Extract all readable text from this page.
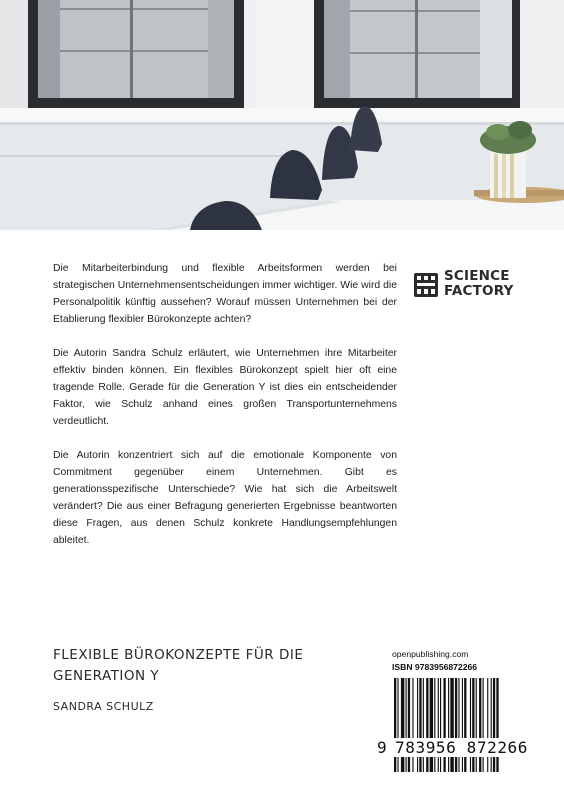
Die Mitarbeiterbindung und flexible Arbeitsformen werden bei strategischen Unternehmensentscheidungen immer wichtiger. Wie wird die Personalpolitik künftig aussehen? Worauf müssen Unternehmen bei der Etablierung flexibler Bürokonzepte achten?

Die Autorin Sandra Schulz erläutert, wie Unternehmen ihre Mitarbeiter effektiv binden können. Ein flexibles Bürokonzept spielt hier oft eine tragende Rolle. Gerade für die Generation Y ist dies ein entscheidender Faktor, wie Schulz anhand eines großen Transportunternehmens verdeutlicht.

Die Autorin konzentriert sich auf die emotionale Komponente von Commitment gegenüber einem Unternehmen. Gibt es generationsspezifische Unterschiede? Wie hat sich die Arbeitswelt verändert? Die aus einer Befragung generierten Ergebnisse beantworten diese Fragen, aus denen Schulz konkrete Handlungsempfehlungen ableitet.

SCIENCE
FACTORY
FLEXIBLE BÜROKONZEPTE FÜR DIE
GENERATION Y
SANDRA SCHULZ
openpublishing.com
ISBN 9783956872266
9 783956 872266
